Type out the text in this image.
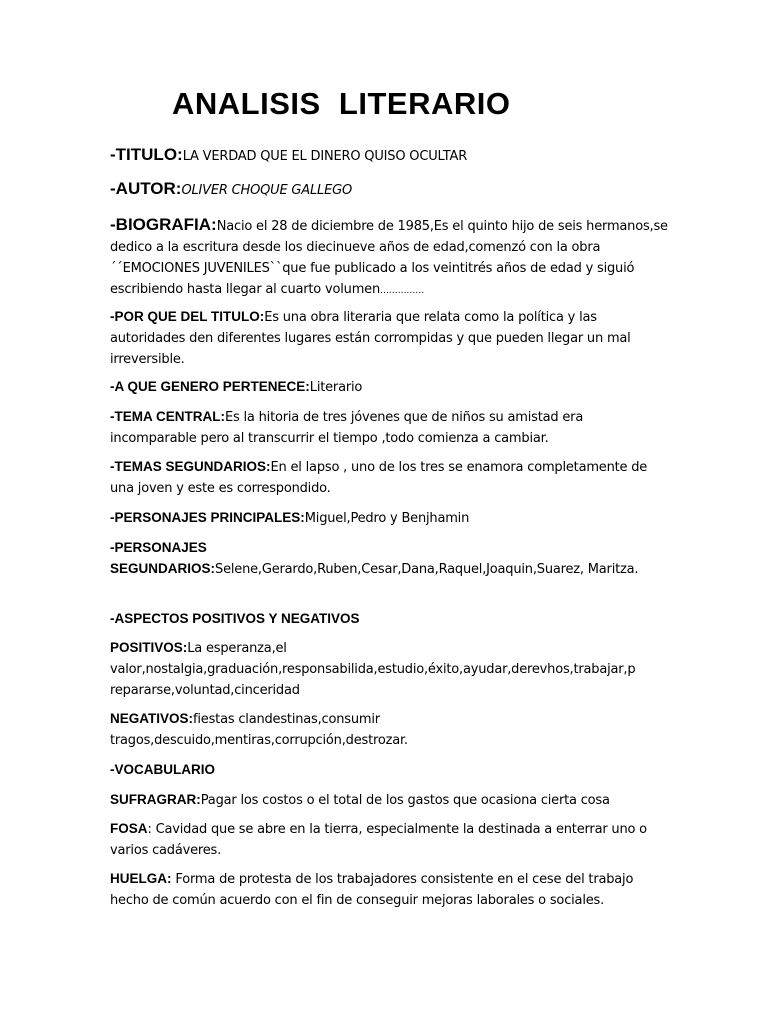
ANALISIS  LITERARIO
-TITULO:LA VERDAD QUE EL DINERO QUISO OCULTAR
-AUTOR:OLIVER CHOQUE GALLEGO
-BIOGRAFIA:Nacio el 28 de diciembre de 1985,Es el quinto hijo de seis hermanos,se dedico a la escritura desde los diecinueve años de edad,comenzó con la obra ´´EMOCIONES JUVENILES``que fue publicado a los veintitrés años de edad y siguió escribiendo hasta llegar al cuarto volumen……………
-POR QUE DEL TITULO:Es una obra literaria que relata como la política y las autoridades den diferentes lugares están corrompidas y que pueden llegar un mal irreversible.
-A QUE GENERO PERTENECE:Literario
-TEMA CENTRAL:Es la hitoria de tres jóvenes que de niños su amistad era incomparable pero al transcurrir el tiempo ,todo comienza a cambiar.
-TEMAS SEGUNDARIOS:En el lapso , uno de los tres se enamora completamente de una joven y este es correspondido.
-PERSONAJES PRINCIPALES:Miguel,Pedro y Benjhamin
-PERSONAJES
SEGUNDARIOS:Selene,Gerardo,Ruben,Cesar,Dana,Raquel,Joaquin,Suarez, Maritza.
-ASPECTOS POSITIVOS Y NEGATIVOS
POSITIVOS:La esperanza,el
valor,nostalgia,graduación,responsabilida,estudio,éxito,ayudar,derevhos,trabajar,p
repararse,voluntad,cinceridad
NEGATIVOS:fiestas clandestinas,consumir
tragos,descuido,mentiras,corrupción,destrozar.
-VOCABULARIO
SUFRAGRAR:Pagar los costos o el total de los gastos que ocasiona cierta cosa
FOSA: Cavidad que se abre en la tierra, especialmente la destinada a enterrar uno o varios cadáveres.
HUELGA: Forma de protesta de los trabajadores consistente en el cese del trabajo hecho de común acuerdo con el fin de conseguir mejoras laborales o sociales.
